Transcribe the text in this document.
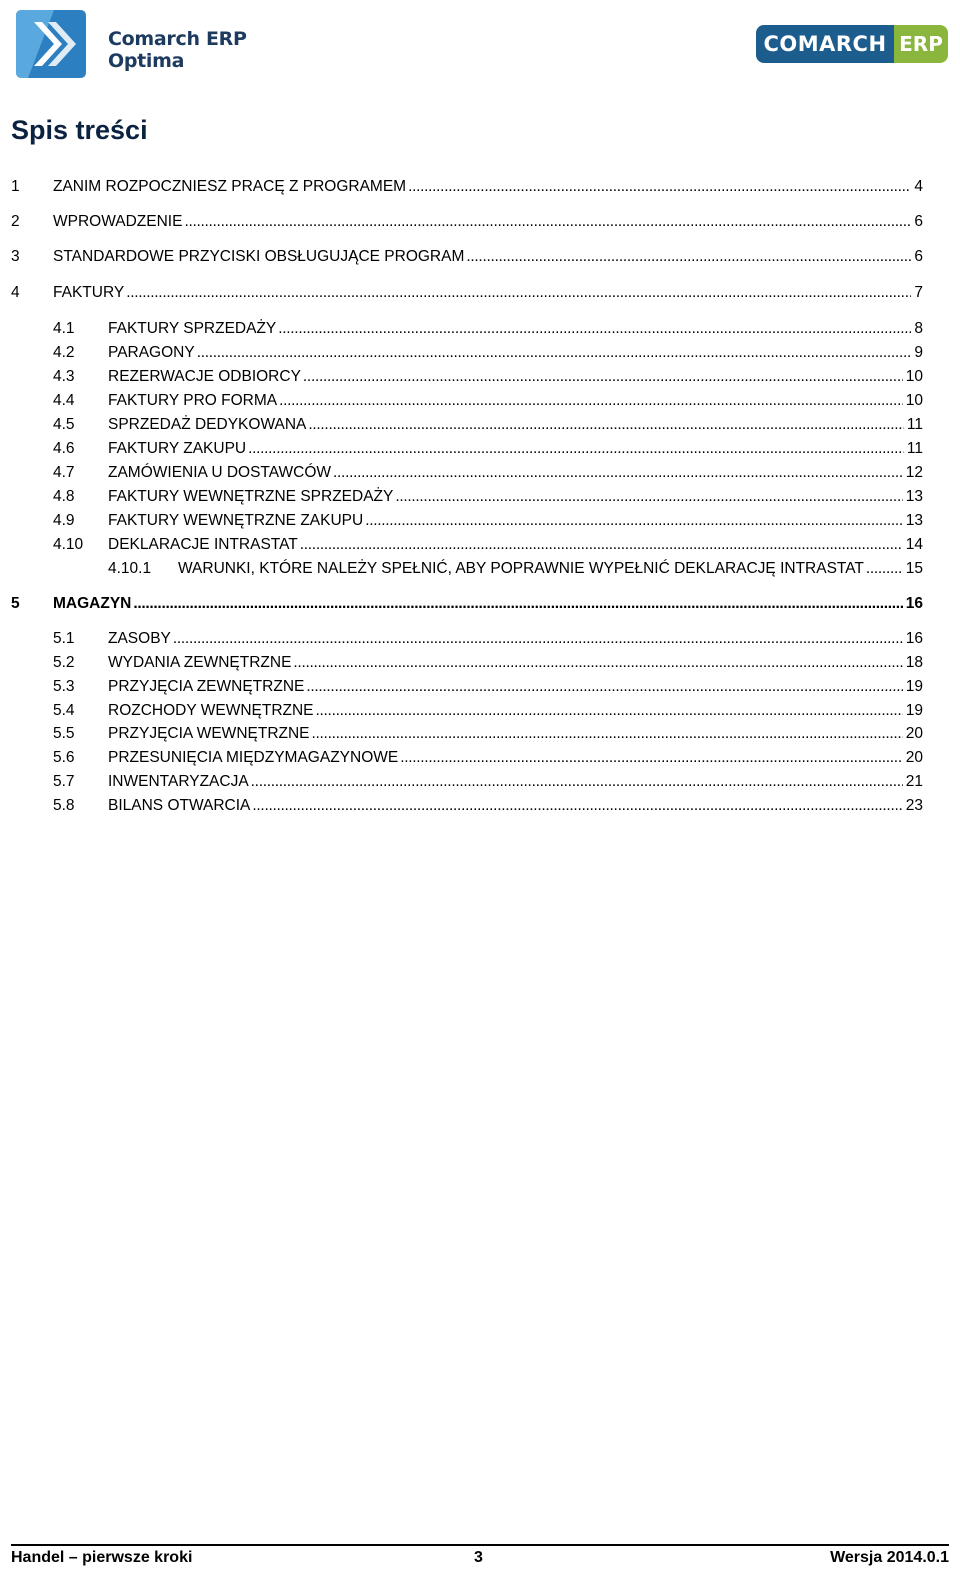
Comarch ERP
Optima
COMARCH ERP
Spis treści
1	ZANIM ROZPOCZNIESZ PRACĘ Z PROGRAMEM . . .	4
2	WPROWADZENIE . . .	6
3	STANDARDOWE PRZYCISKI OBSŁUGUJĄCE PROGRAM . . .	6
4	FAKTURY . . .	7
4.1	FAKTURY SPRZEDAŻY . . .	8
4.2	PARAGONY . . .	9
4.3	REZERWACJE ODBIORCY . . .	10
4.4	FAKTURY PRO FORMA . . .	10
4.5	SPRZEDAŻ DEDYKOWANA . . .	11
4.6	FAKTURY ZAKUPU . . .	11
4.7	ZAMÓWIENIA U DOSTAWCÓW . . .	12
4.8	FAKTURY WEWNĘTRZNE SPRZEDAŻY . . .	13
4.9	FAKTURY WEWNĘTRZNE ZAKUPU . . .	13
4.10	DEKLARACJE INTRASTAT . . .	14
4.10.1	WARUNKI, KTÓRE NALEŻY SPEŁNIĆ, ABY POPRAWNIE WYPEŁNIĆ DEKLARACJĘ INTRASTAT . . .	15
5	MAGAZYN . . .	16
5.1	ZASOBY . . .	16
5.2	WYDANIA ZEWNĘTRZNE . . .	18
5.3	PRZYJĘCIA ZEWNĘTRZNE . . .	19
5.4	ROZCHODY WEWNĘTRZNE . . .	19
5.5	PRZYJĘCIA WEWNĘTRZNE . . .	20
5.6	PRZESUNIĘCIA MIĘDZYMAGAZYNOWE . . .	20
5.7	INWENTARYZACJA . . .	21
5.8	BILANS OTWARCIA . . .	23
Handel – pierwsze kroki	3	Wersja 2014.0.1
